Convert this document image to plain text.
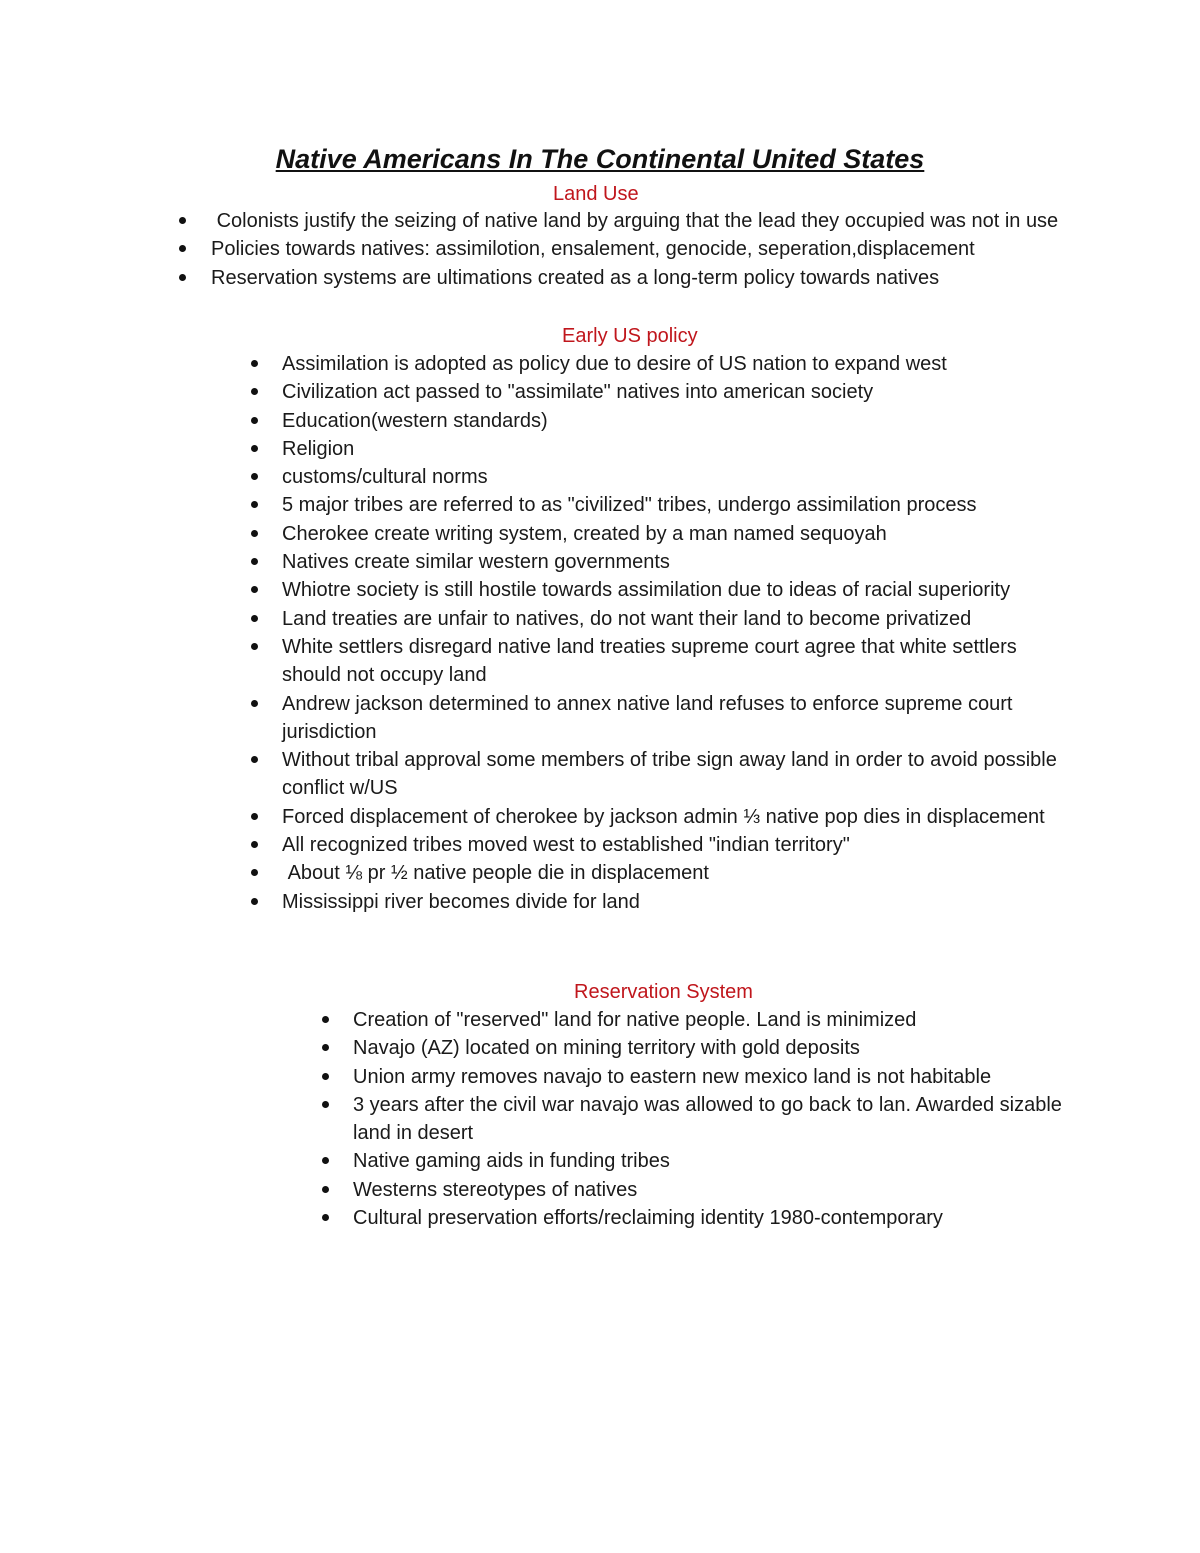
Native Americans In The Continental United States
Land Use
Colonists justify the seizing of native land by arguing that the lead they occupied was not in use
Policies towards natives: assimilotion, ensalement, genocide, seperation,displacement
Reservation systems are ultimations created as a long-term policy towards natives
Early US policy
Assimilation is adopted as policy due to desire of US nation to expand west
Civilization act passed to "assimilate" natives into american society
Education(western standards)
Religion
customs/cultural norms
5 major tribes are referred to as "civilized" tribes, undergo assimilation process
Cherokee create writing system, created by a man named sequoyah
Natives create similar western governments
Whiotre society is still hostile towards assimilation due to ideas of racial superiority
Land treaties are unfair to natives, do not want their land to become privatized
White settlers disregard native land treaties supreme court agree that white settlers should not occupy land
Andrew jackson determined to annex native land refuses to enforce supreme court jurisdiction
Without tribal approval some members of tribe sign away land in order to avoid possible conflict w/US
Forced displacement of cherokee by jackson admin ⅓ native pop dies in displacement
All recognized tribes moved west to established "indian territory"
About ⅛ pr ½ native people die in displacement
Mississippi river becomes divide for land
Reservation System
Creation of "reserved" land for native people. Land is minimized
Navajo (AZ) located on mining territory with gold deposits
Union army removes navajo to eastern new mexico land is not habitable
3 years after the civil war navajo was allowed to go back to lan. Awarded sizable land in desert
Native gaming aids in funding tribes
Westerns stereotypes of natives
Cultural preservation efforts/reclaiming identity 1980-contemporary
